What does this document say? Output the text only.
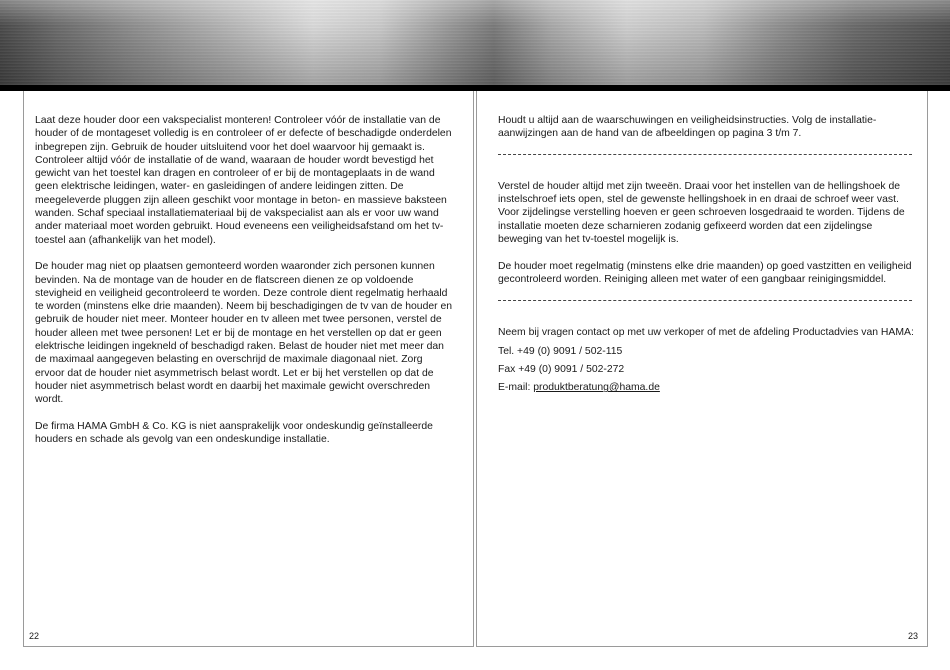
Laat deze houder door een vakspecialist monteren! Controleer vóór de installatie van de houder of de montageset volledig is en controleer of er defecte of beschadigde onderdelen inbegrepen zijn. Gebruik de houder uitsluitend voor het doel waarvoor hij gemaakt is. Controleer altijd vóór de installatie of de wand, waaraan de houder wordt bevestigd het gewicht van het toestel kan dragen en controleer of er bij de montageplaats in de wand geen elektrische leidingen, water- en gasleidingen of andere leidingen zitten. De meegeleverde pluggen zijn alleen geschikt voor montage in beton- en massieve baksteen wanden. Schaf speciaal installatiemateriaal bij de vakspecialist aan als er voor uw wand ander materiaal moet worden gebruikt. Houd eveneens een veiligheidsafstand om het tv-toestel aan (afhankelijk van het model).

De houder mag niet op plaatsen gemonteerd worden waaronder zich personen kunnen bevinden. Na de montage van de houder en de flatscreen dienen ze op voldoende stevigheid en veiligheid gecontroleerd te worden. Deze controle dient regelmatig herhaald te worden (minstens elke drie maanden). Neem bij beschadigingen de tv van de houder en gebruik de houder niet meer. Monteer houder en tv alleen met twee personen, verstel de houder alleen met twee personen! Let er bij de montage en het verstellen op dat er geen elektrische leidingen ingekneld of beschadigd raken. Belast de houder niet met meer dan de maximaal aangegeven belasting en overschrijd de maximale diagonaal niet. Zorg ervoor dat de houder niet asymmetrisch belast wordt. Let er bij het verstellen op dat de houder niet asymmetrisch belast wordt en daarbij het maximale gewicht overschreden wordt.

De firma HAMA GmbH & Co. KG is niet aansprakelijk voor ondeskundig geïnstalleerde houders en schade als gevolg van een ondeskundige installatie.

Houdt u altijd aan de waarschuwingen en veiligheidsinstructies. Volg de installatie-aanwijzingen aan de hand van de afbeeldingen op pagina 3 t/m 7.

Verstel de houder altijd met zijn tweeën. Draai voor het instellen van de hellingshoek de instelschroef iets open, stel de gewenste hellingshoek in en draai de schroef weer vast. Voor zijdelingse verstelling hoeven er geen schroeven losgedraaid te worden. Tijdens de installatie moeten deze scharnieren zodanig gefixeerd worden dat een zijdelingse beweging van het tv-toestel mogelijk is.

De houder moet regelmatig (minstens elke drie maanden) op goed vastzitten en veiligheid gecontroleerd worden. Reiniging alleen met water of een gangbaar reinigingsmiddel.

Neem bij vragen contact op met uw verkoper of met de afdeling Productadvies van HAMA:

Tel. +49 (0) 9091 / 502-115

Fax +49 (0) 9091 / 502-272

E-mail: produktberatung@hama.de

22	23
